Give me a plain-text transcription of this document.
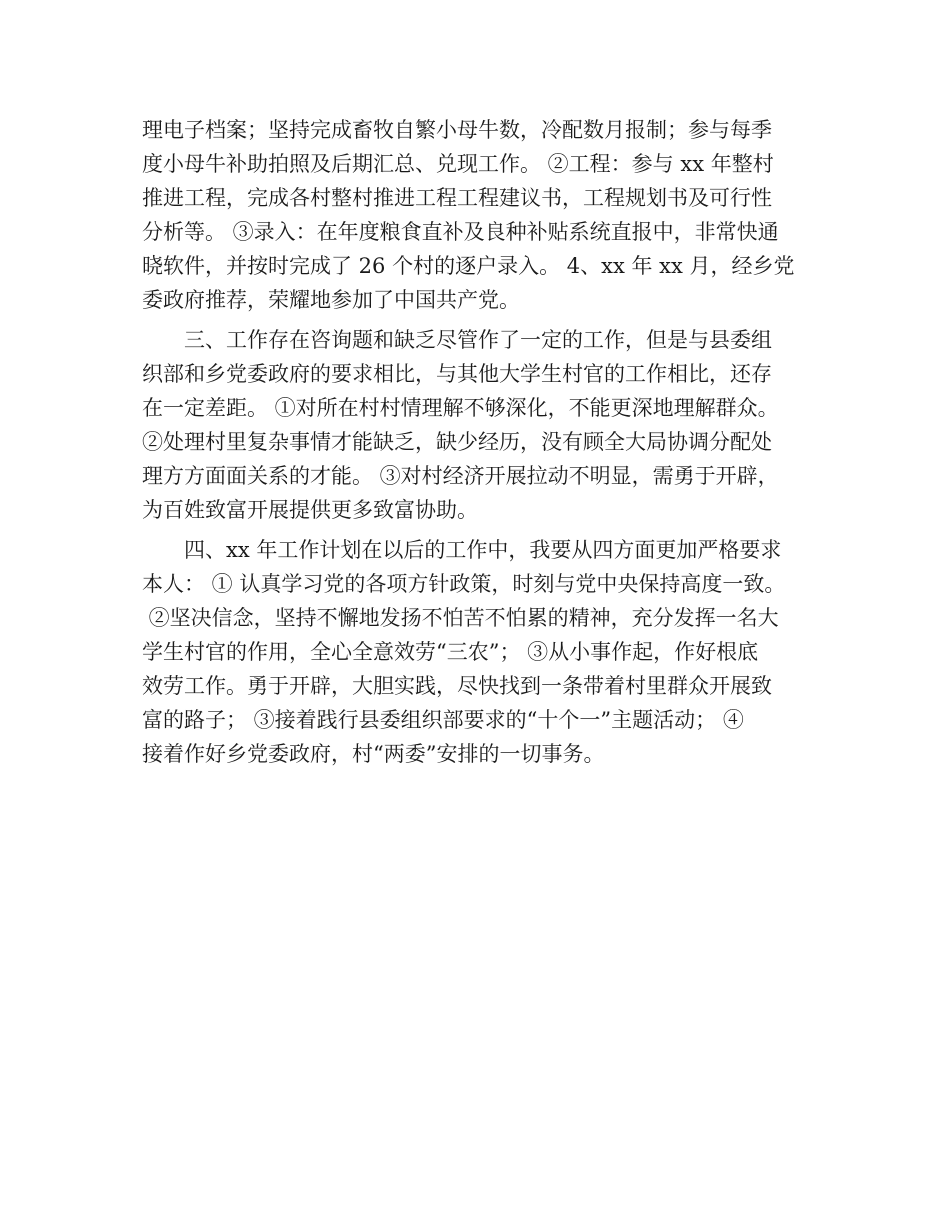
理电子档案；坚持完成畜牧自繁小母牛数，冷配数月报制；参与每季
度小母牛补助拍照及后期汇总、兑现工作。 ②工程：参与 xx 年整村
推进工程，完成各村整村推进工程工程建议书，工程规划书及可行性
分析等。 ③录入：在年度粮食直补及良种补贴系统直报中，非常快通
晓软件，并按时完成了 26 个村的逐户录入。 4、xx 年 xx 月，经乡党
委政府推荐，荣耀地参加了中国共产党。
三、工作存在咨询题和缺乏尽管作了一定的工作，但是与县委组
织部和乡党委政府的要求相比，与其他大学生村官的工作相比，还存
在一定差距。 ①对所在村村情理解不够深化，不能更深地理解群众。
②处理村里复杂事情才能缺乏，缺少经历，没有顾全大局协调分配处
理方方面面关系的才能。 ③对村经济开展拉动不明显，需勇于开辟，
为百姓致富开展提供更多致富协助。
四、xx 年工作计划在以后的工作中，我要从四方面更加严格要求
本人： ① 认真学习党的各项方针政策，时刻与党中央保持高度一致。
②坚决信念，坚持不懈地发扬不怕苦不怕累的精神，充分发挥一名大
学生村官的作用，全心全意效劳“三农”； ③从小事作起，作好根底
效劳工作。勇于开辟，大胆实践，尽快找到一条带着村里群众开展致
富的路子； ③接着践行县委组织部要求的“十个一”主题活动； ④
接着作好乡党委政府，村“两委”安排的一切事务。
